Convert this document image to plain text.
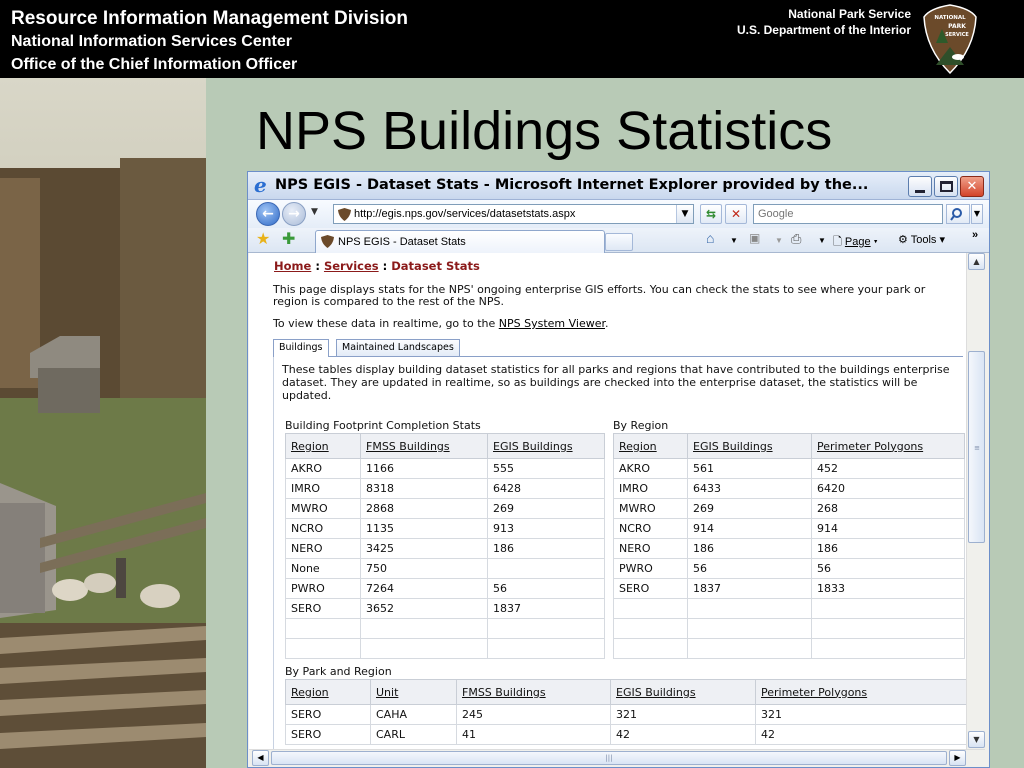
Resource Information Management Division
National Information Services Center
Office of the Chief Information Officer
National Park Service
U.S. Department of the Interior
NATIONAL
PARK
SERVICE
NPS Buildings Statistics
e NPS EGIS - Dataset Stats - Microsoft Internet Explorer provided by the...	✕
←	→	▼
http://egis.nps.gov/services/datasetstats.aspx	▼	⇆	✕
Google	▼
★ ✚	NPS EGIS - Dataset Stats	⌂ ▼ ▣ ▼ ⎙ ▼ 🗋 Page ▾ ⚙ Tools ▾ »
Home : Services : Dataset Stats
This page displays stats for the NPS' ongoing enterprise GIS efforts. You can check the stats to see where your park or region is compared to the rest of the NPS.
To view these data in realtime, go to the NPS System Viewer.
Buildings	Maintained Landscapes
These tables display building dataset statistics for all parks and regions that have contributed to the buildings enterprise dataset. They are updated in realtime, so as buildings are checked into the enterprise dataset, the statistics will be updated.
Building Footprint Completion Stats
Region	FMSS Buildings	EGIS Buildings
AKRO	1166	555
IMRO	8318	6428
MWRO	2868	269
NCRO	1135	913
NERO	3425	186
None	750	
PWRO	7264	56
SERO	3652	1837

By Region
Region	EGIS Buildings	Perimeter Polygons
AKRO	561	452
IMRO	6433	6420
MWRO	269	268
NCRO	914	914
NERO	186	186
PWRO	56	56
SERO	1837	1833

By Park and Region
Region	Unit	FMSS Buildings	EGIS Buildings	Perimeter Polygons
SERO	CAHA	245	321	321
SERO	CARL	41	42	42
▲
≡
▼
◀	|||	▶
